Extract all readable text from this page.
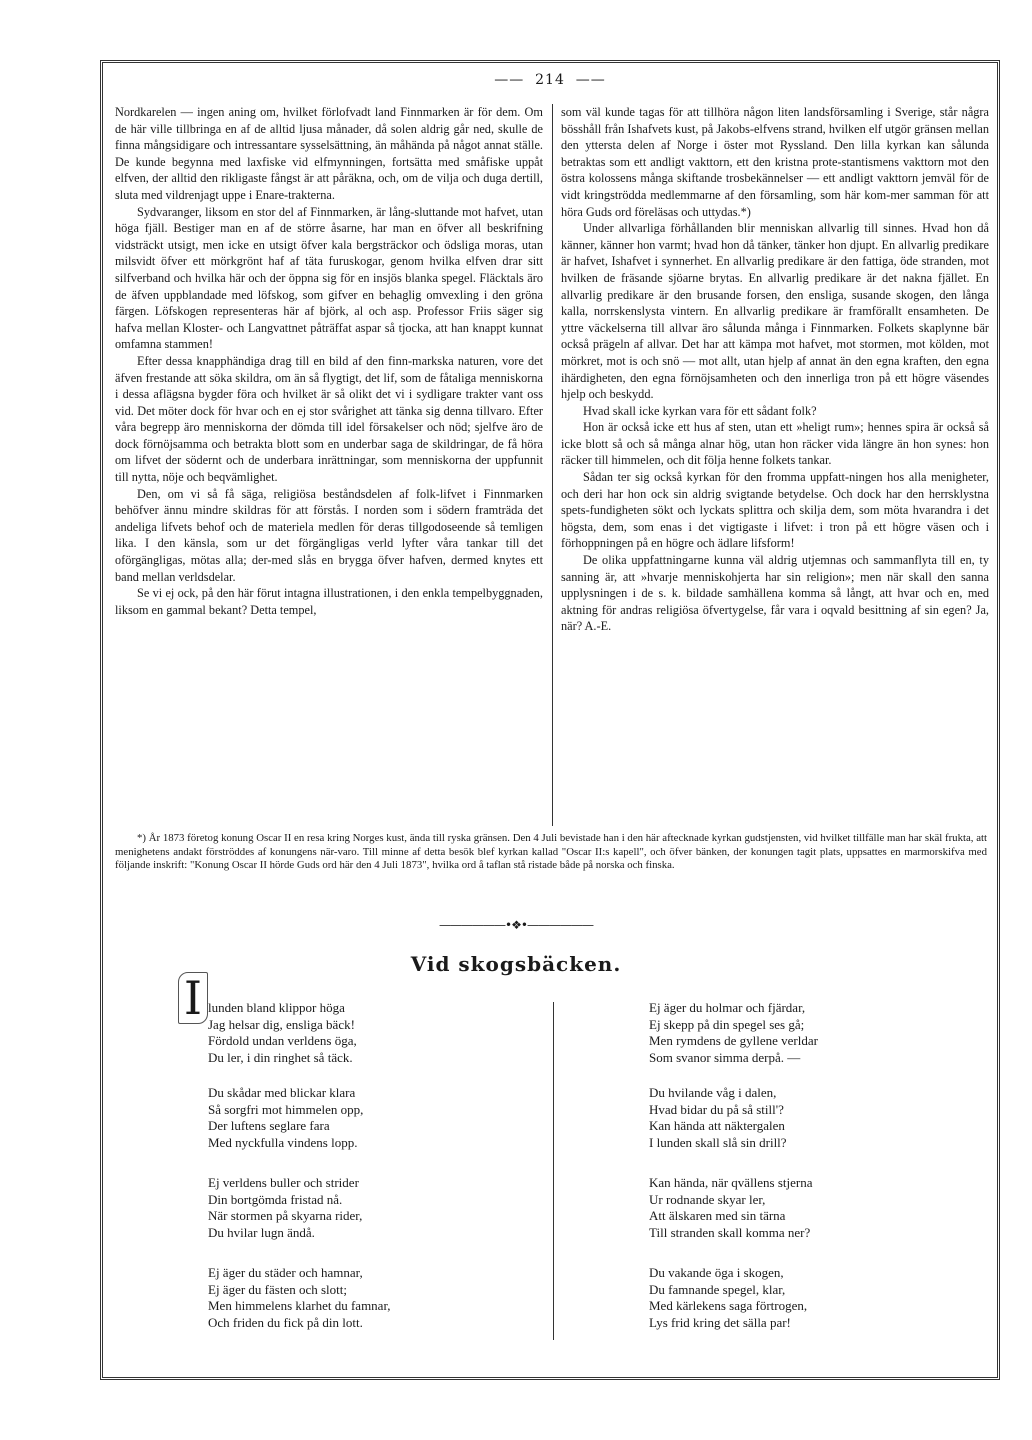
—— 214 ——

Nordkarelen — ingen aning om, hvilket förlofvadt land Finnmarken är för dem. Om de här ville tillbringa en af de alltid ljusa månader, då solen aldrig går ned, skulle de finna mångsidigare och intressantare sysselsättning, än måhända på något annat ställe. De kunde begynna med laxfiske vid elfmynningen, fortsätta med småfiske uppåt elfven, der alltid den rikligaste fångst är att påräkna, och, om de vilja och duga dertill, sluta med vildrenjagt uppe i Enare-trakterna.

Sydvaranger, liksom en stor del af Finnmarken, är lång-sluttande mot hafvet, utan höga fjäll. Bestiger man en af de större åsarne, har man en öfver all beskrifning vidsträckt utsigt, men icke en utsigt öfver kala bergsträckor och ödsliga moras, utan milsvidt öfver ett mörkgrönt haf af täta furuskogar, genom hvilka elfven drar sitt silfverband och hvilka här och der öppna sig för en insjös blanka spegel. Fläcktals äro de äfven uppblandade med löfskog, som gifver en behaglig omvexling i den gröna färgen. Löfskogen representeras här af björk, al och asp. Professor Friis säger sig hafva mellan Kloster- och Langvattnet påträffat aspar så tjocka, att han knappt kunnat omfamna stammen!

Efter dessa knapphändiga drag till en bild af den finn-markska naturen, vore det äfven frestande att söka skildra, om än så flygtigt, det lif, som de fåtaliga menniskorna i dessa aflägsna bygder föra och hvilket är så olikt det vi i sydligare trakter vant oss vid. Det möter dock för hvar och en ej stor svårighet att tänka sig denna tillvaro. Efter våra begrepp äro menniskorna der dömda till idel försakelser och nöd; sjelfve äro de dock förnöjsamma och betrakta blott som en underbar saga de skildringar, de få höra om lifvet der södernt och de underbara inrättningar, som menniskorna der uppfunnit till nytta, nöje och beqvämlighet.

Den, om vi så få säga, religiösa beståndsdelen af folk-lifvet i Finnmarken behöfver ännu mindre skildras för att förstås. I norden som i södern framträda det andeliga lifvets behof och de materiela medlen för deras tillgodoseende så temligen lika. I den känsla, som ur det förgängligas verld lyfter våra tankar till det oförgängligas, mötas alla; der-med slås en brygga öfver hafven, dermed knytes ett band mellan verldsdelar.

Se vi ej ock, på den här förut intagna illustrationen, i den enkla tempelbyggnaden, liksom en gammal bekant? Detta tempel,

som väl kunde tagas för att tillhöra någon liten landsförsamling i Sverige, står några bösshåll från Ishafvets kust, på Jakobs-elfvens strand, hvilken elf utgör gränsen mellan den yttersta delen af Norge i öster mot Ryssland. Den lilla kyrkan kan sålunda betraktas som ett andligt vakttorn, ett den kristna prote-stantismens vakttorn mot den östra kolossens många skiftande trosbekännelser — ett andligt vakttorn jemväl för de vidt kringströdda medlemmarne af den församling, som här kom-mer samman för att höra Guds ord föreläsas och uttydas.*)

Under allvarliga förhållanden blir menniskan allvarlig till sinnes. Hvad hon då känner, känner hon varmt; hvad hon då tänker, tänker hon djupt. En allvarlig predikare är hafvet, Ishafvet i synnerhet. En allvarlig predikare är den fattiga, öde stranden, mot hvilken de fräsande sjöarne brytas. En allvarlig predikare är det nakna fjället. En allvarlig predikare är den brusande forsen, den ensliga, susande skogen, den långa kalla, norrskenslysta vintern. En allvarlig predikare är framförallt ensamheten. De yttre väckelserna till allvar äro sålunda många i Finnmarken. Folkets skaplynne bär också prägeln af allvar. Det har att kämpa mot hafvet, mot stormen, mot kölden, mot mörkret, mot is och snö — mot allt, utan hjelp af annat än den egna kraften, den egna ihärdigheten, den egna förnöjsamheten och den innerliga tron på ett högre väsendes hjelp och beskydd.

Hvad skall icke kyrkan vara för ett sådant folk?

Hon är också icke ett hus af sten, utan ett »heligt rum»; hennes spira är också så icke blott så och så många alnar hög, utan hon räcker vida längre än hon synes: hon räcker till himmelen, och dit följa henne folkets tankar.

Sådan ter sig också kyrkan för den fromma uppfatt-ningen hos alla menigheter, och deri har hon ock sin aldrig svigtande betydelse. Och dock har den herrsklystna spets-fundigheten sökt och lyckats splittra och skilja dem, som möta hvarandra i det högsta, dem, som enas i det vigtigaste i lifvet: i tron på ett högre väsen och i förhoppningen på en högre och ädlare lifsform!

De olika uppfattningarne kunna väl aldrig utjemnas och sammanflyta till en, ty sanning är, att »hvarje menniskohjerta har sin religion»; men när skall den sanna upplysningen i de s. k. bildade samhällena komma så långt, att hvar och en, med aktning för andras religiösa öfvertygelse, får vara i oqvald besittning af sin egen? Ja, när? A.-E.

*) År 1873 företog konung Oscar II en resa kring Norges kust, ända till ryska gränsen. Den 4 Juli bevistade han i den här aftecknade kyrkan gudstjensten, vid hvilket tillfälle man har skäl frukta, att menighetens andakt förströddes af konungens när-varo. Till minne af detta besök blef kyrkan kallad "Oscar II:s kapell", och öfver bänken, der konungen tagit plats, uppsattes en marmorskifva med följande inskrift: "Konung Oscar II hörde Guds ord här den 4 Juli 1873", hvilka ord å taflan stå ristade både på norska och finska.

——————•❖•——————
Vid skogsbäcken.
I lunden bland klippor höga
Jag helsar dig, ensliga bäck!
Fördold undan verldens öga,
Du ler, i din ringhet så täck.
Du skådar med blickar klara
Så sorgfri mot himmelen opp,
Der luftens seglare fara
Med nyckfulla vindens lopp.
Ej verldens buller och strider
Din bortgömda fristad nå.
När stormen på skyarna rider,
Du hvilar lugn ändå.
Ej äger du städer och hamnar,
Ej äger du fästen och slott;
Men himmelens klarhet du famnar,
Och friden du fick på din lott.
Ej äger du holmar och fjärdar,
Ej skepp på din spegel ses gå;
Men rymdens de gyllene verldar
Som svanor simma derpå. —
Du hvilande våg i dalen,
Hvad bidar du på så still'?
Kan hända att näktergalen
I lunden skall slå sin drill?
Kan hända, när qvällens stjerna
Ur rodnande skyar ler,
Att älskaren med sin tärna
Till stranden skall komma ner?
Du vakande öga i skogen,
Du famnande spegel, klar,
Med kärlekens saga förtrogen,
Lys frid kring det sälla par!
